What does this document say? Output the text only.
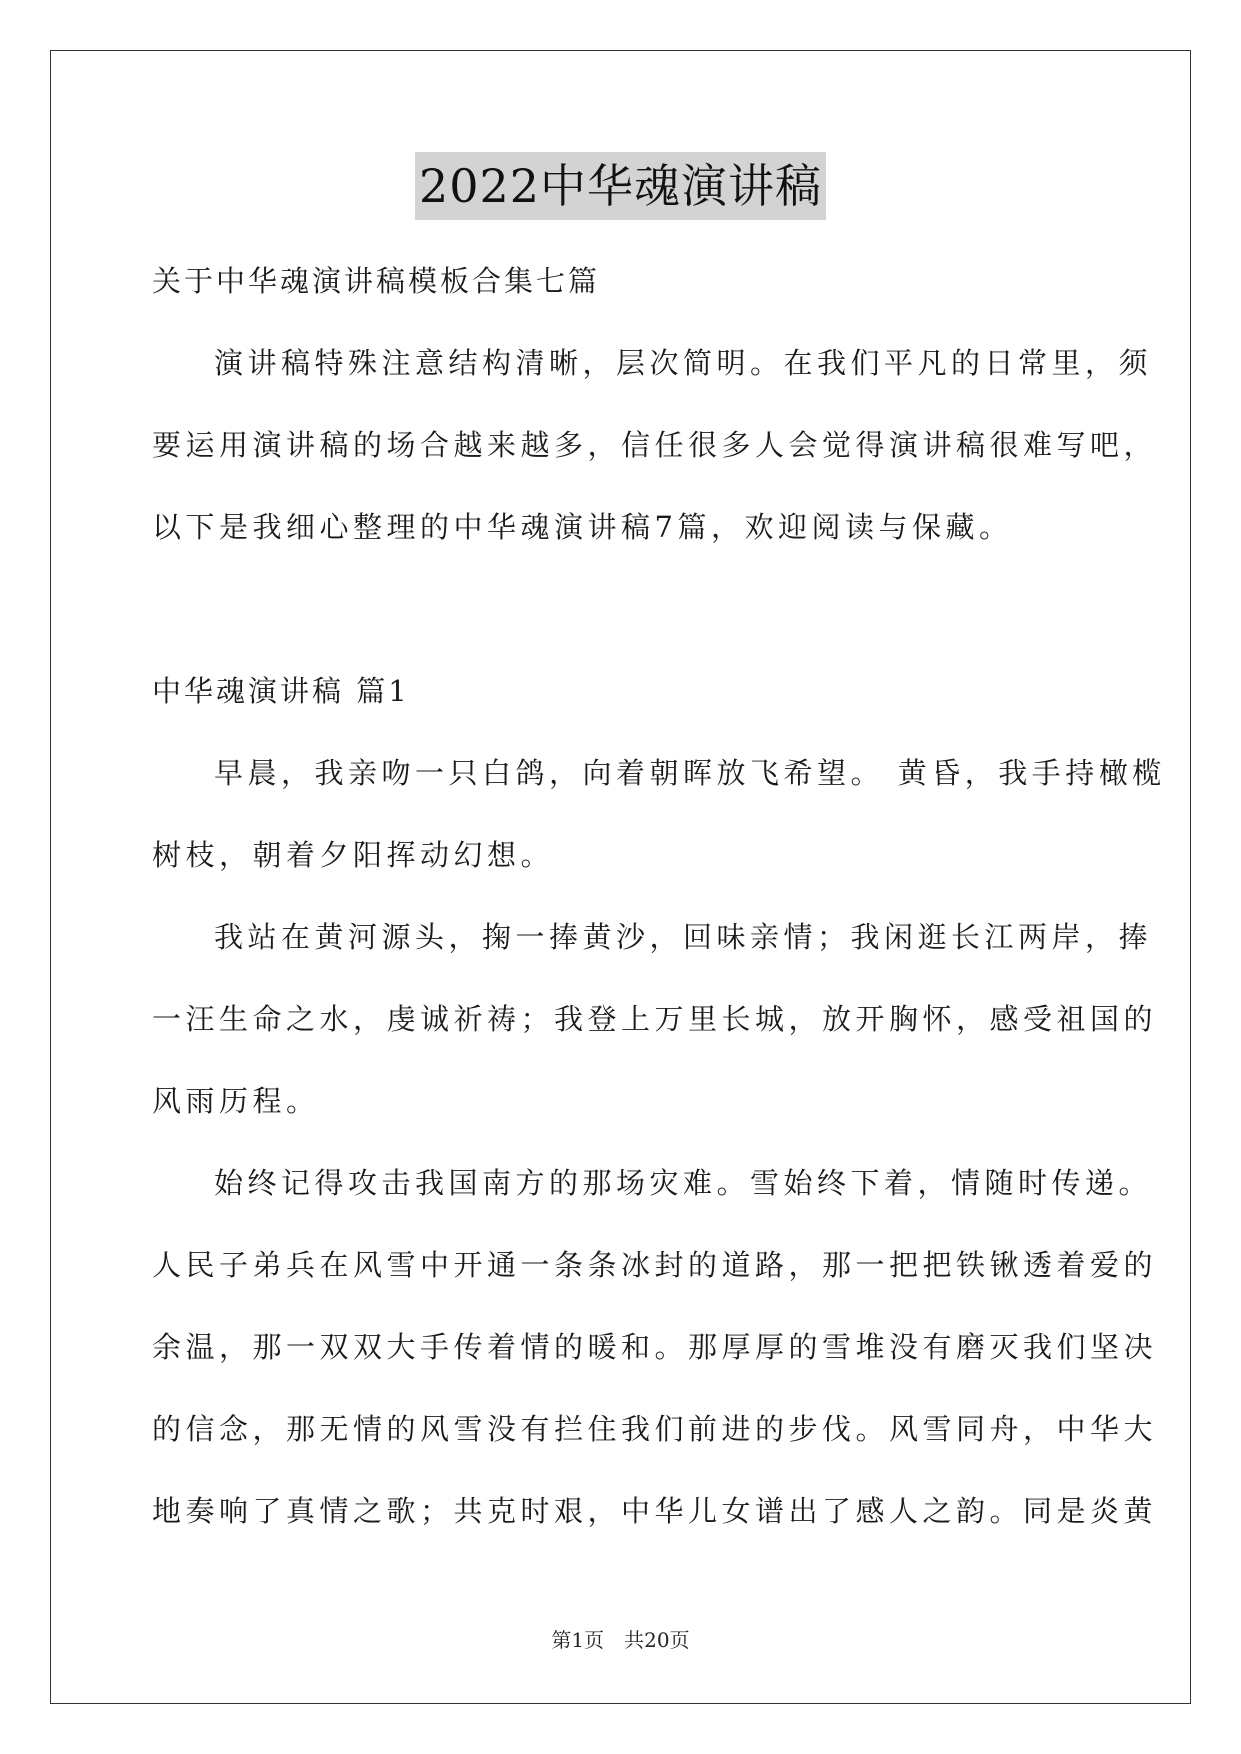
2022中华魂演讲稿
关于中华魂演讲稿模板合集七篇
演讲稿特殊注意结构清晰，层次简明。在我们平凡的日常里，须
要运用演讲稿的场合越来越多，信任很多人会觉得演讲稿很难写吧，
以下是我细心整理的中华魂演讲稿7篇，欢迎阅读与保藏。
中华魂演讲稿 篇1
早晨，我亲吻一只白鸽，向着朝晖放飞希望。 黄昏，我手持橄榄
树枝，朝着夕阳挥动幻想。
我站在黄河源头，掬一捧黄沙，回味亲情；我闲逛长江两岸，捧
一汪生命之水，虔诚祈祷；我登上万里长城，放开胸怀，感受祖国的
风雨历程。
始终记得攻击我国南方的那场灾难。雪始终下着，情随时传递。
人民子弟兵在风雪中开通一条条冰封的道路，那一把把铁锹透着爱的
余温，那一双双大手传着情的暖和。那厚厚的雪堆没有磨灭我们坚决
的信念，那无情的风雪没有拦住我们前进的步伐。风雪同舟，中华大
地奏响了真情之歌；共克时艰，中华儿女谱出了感人之韵。同是炎黄
第1页　共20页
